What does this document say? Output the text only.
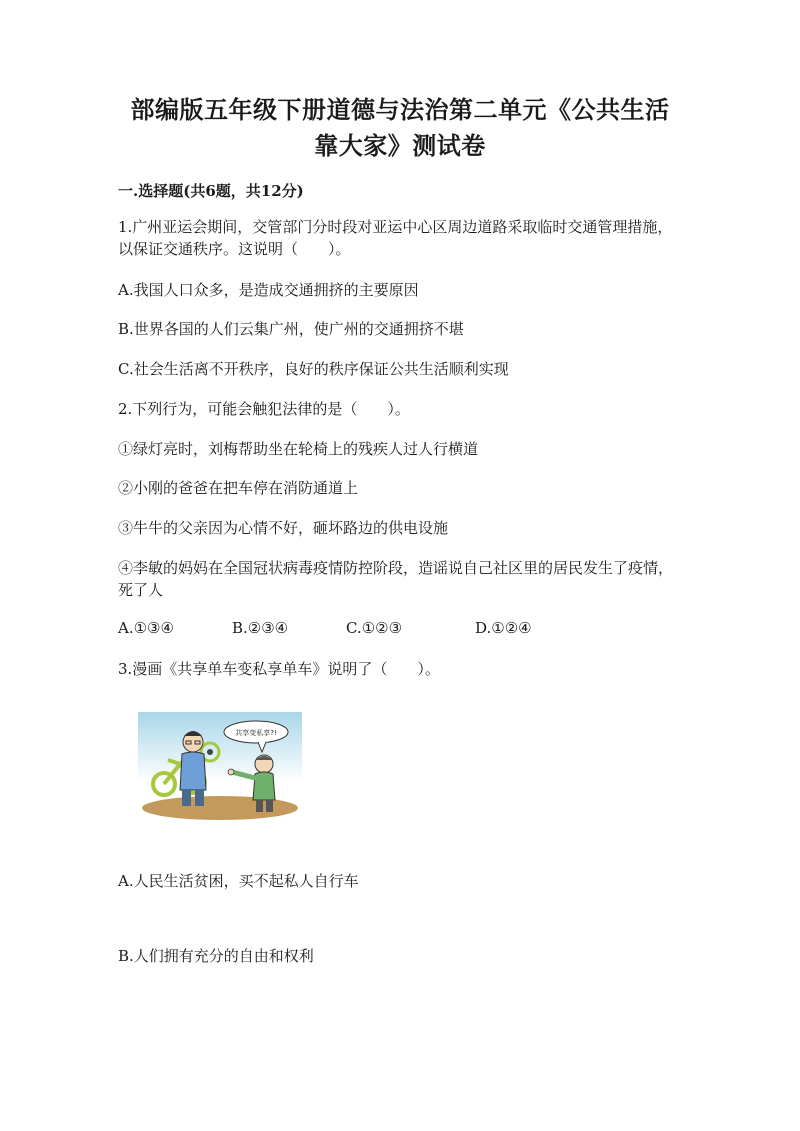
部编版五年级下册道德与法治第二单元《公共生活
靠大家》测试卷
一.选择题(共6题，共12分)
1.广州亚运会期间，交管部门分时段对亚运中心区周边道路采取临时交通管理措施，以保证交通秩序。这说明（　　）。
A.我国人口众多，是造成交通拥挤的主要原因
B.世界各国的人们云集广州，使广州的交通拥挤不堪
C.社会生活离不开秩序，良好的秩序保证公共生活顺利实现
2.下列行为，可能会触犯法律的是（　　）。
①绿灯亮时，刘梅帮助坐在轮椅上的残疾人过人行横道
②小刚的爸爸在把车停在消防通道上
③牛牛的父亲因为心情不好，砸坏路边的供电设施
④李敏的妈妈在全国冠状病毒疫情防控阶段，造谣说自己社区里的居民发生了疫情，死了人
A.①③④	B.②③④	C.①②③	D.①②④
3.漫画《共享单车变私享单车》说明了（　　）。
共享变私享?!
A.人民生活贫困，买不起私人自行车
B.人们拥有充分的自由和权利
